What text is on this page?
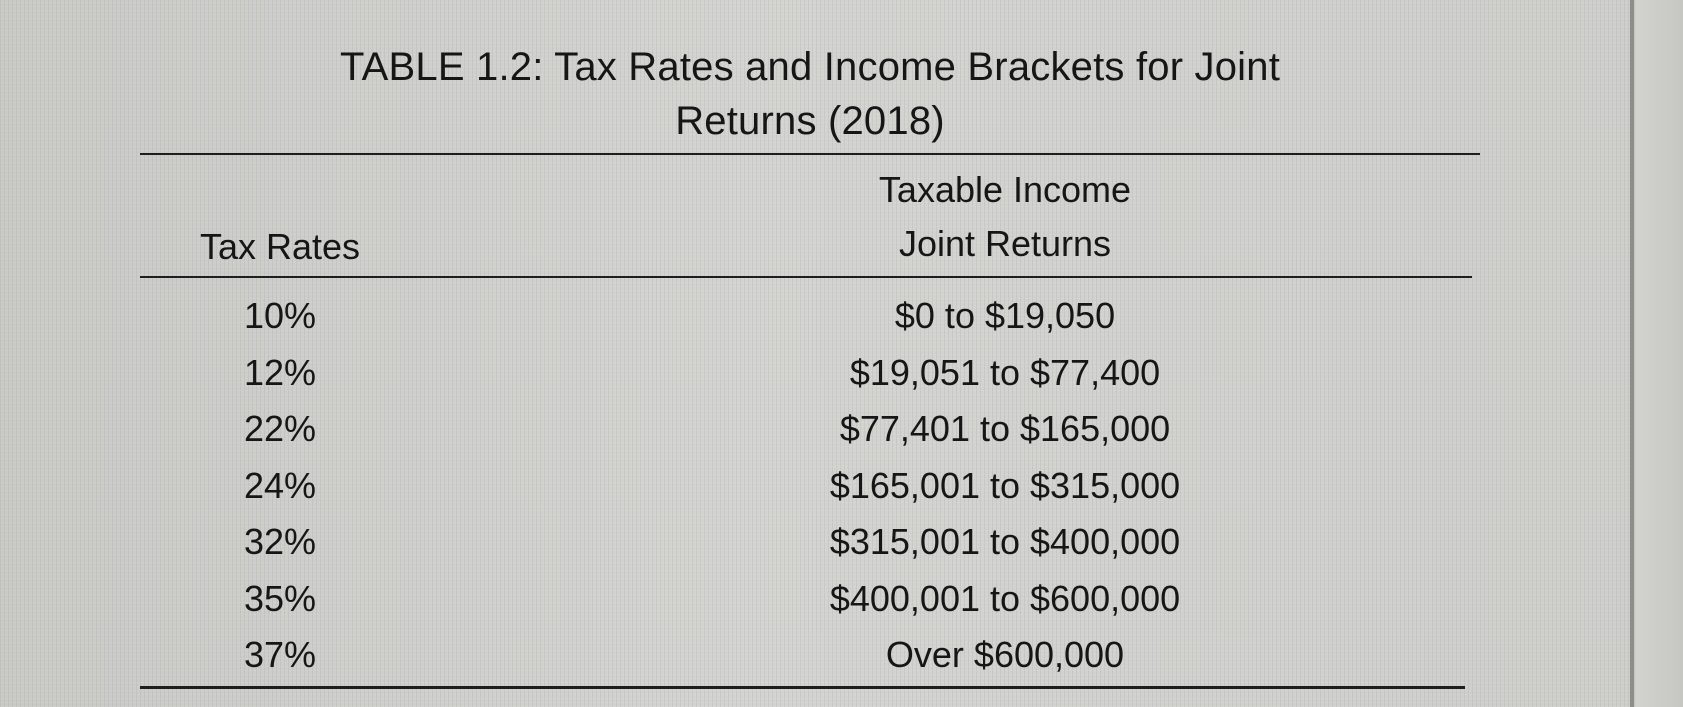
TABLE 1.2: Tax Rates and Income Brackets for Joint
Returns (2018)
Taxable Income
Joint Returns
Tax Rates
10%	$0 to $19,050
12%	$19,051 to $77,400
22%	$77,401 to $165,000
24%	$165,001 to $315,000
32%	$315,001 to $400,000
35%	$400,001 to $600,000
37%	Over $600,000
